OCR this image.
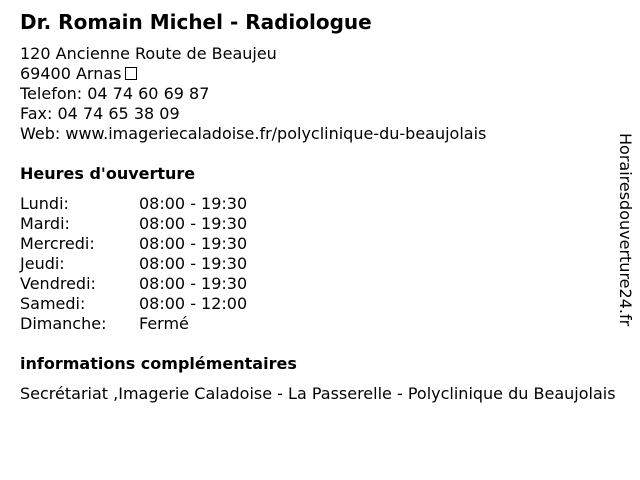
Dr. Romain Michel - Radiologue
120 Ancienne Route de Beaujeu
69400 Arnas
Telefon: 04 74 60 69 87
Fax: 04 74 65 38 09
Web: www.imageriecaladoise.fr/polyclinique-du-beaujolais
Heures d'ouverture
Lundi:	08:00 - 19:30
Mardi:	08:00 - 19:30
Mercredi:	08:00 - 19:30
Jeudi:	08:00 - 19:30
Vendredi:	08:00 - 19:30
Samedi:	08:00 - 12:00
Dimanche:	Fermé
informations complémentaires
Secrétariat ,Imagerie Caladoise - La Passerelle - Polyclinique du Beaujolais
Horairesdouverture24.fr
